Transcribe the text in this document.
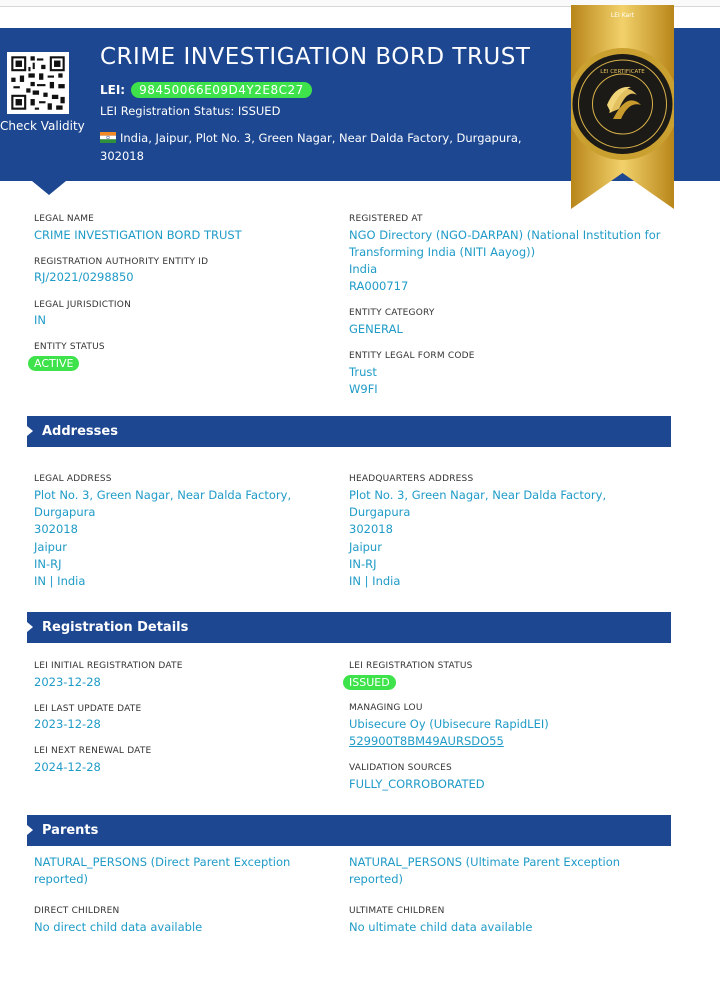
Check Validity
CRIME INVESTIGATION BORD TRUST
LEI:	98450066E09D4Y2E8C27
LEI Registration Status: ISSUED
India, Jaipur, Plot No. 3, Green Nagar, Near Dalda Factory, Durgapura, 302018
LEI Kart
LEI CERTIFICATE
LEGAL NAME
CRIME INVESTIGATION BORD TRUST
REGISTRATION AUTHORITY ENTITY ID
RJ/2021/0298850
LEGAL JURISDICTION
IN
ENTITY STATUS
ACTIVE
REGISTERED AT
NGO Directory (NGO-DARPAN) (National Institution for
Transforming India (NITI Aayog))
India
RA000717
ENTITY CATEGORY
GENERAL
ENTITY LEGAL FORM CODE
Trust
W9FI
Addresses
LEGAL ADDRESS
Plot No. 3, Green Nagar, Near Dalda Factory,
Durgapura
302018
Jaipur
IN-RJ
IN | India
HEADQUARTERS ADDRESS
Plot No. 3, Green Nagar, Near Dalda Factory,
Durgapura
302018
Jaipur
IN-RJ
IN | India
Registration Details
LEI INITIAL REGISTRATION DATE
2023-12-28
LEI LAST UPDATE DATE
2023-12-28
LEI NEXT RENEWAL DATE
2024-12-28
LEI REGISTRATION STATUS
ISSUED
MANAGING LOU
Ubisecure Oy (Ubisecure RapidLEI)
529900T8BM49AURSDO55
VALIDATION SOURCES
FULLY_CORROBORATED
Parents
NATURAL_PERSONS (Direct Parent Exception
reported)
NATURAL_PERSONS (Ultimate Parent Exception
reported)
DIRECT CHILDREN
No direct child data available
ULTIMATE CHILDREN
No ultimate child data available
